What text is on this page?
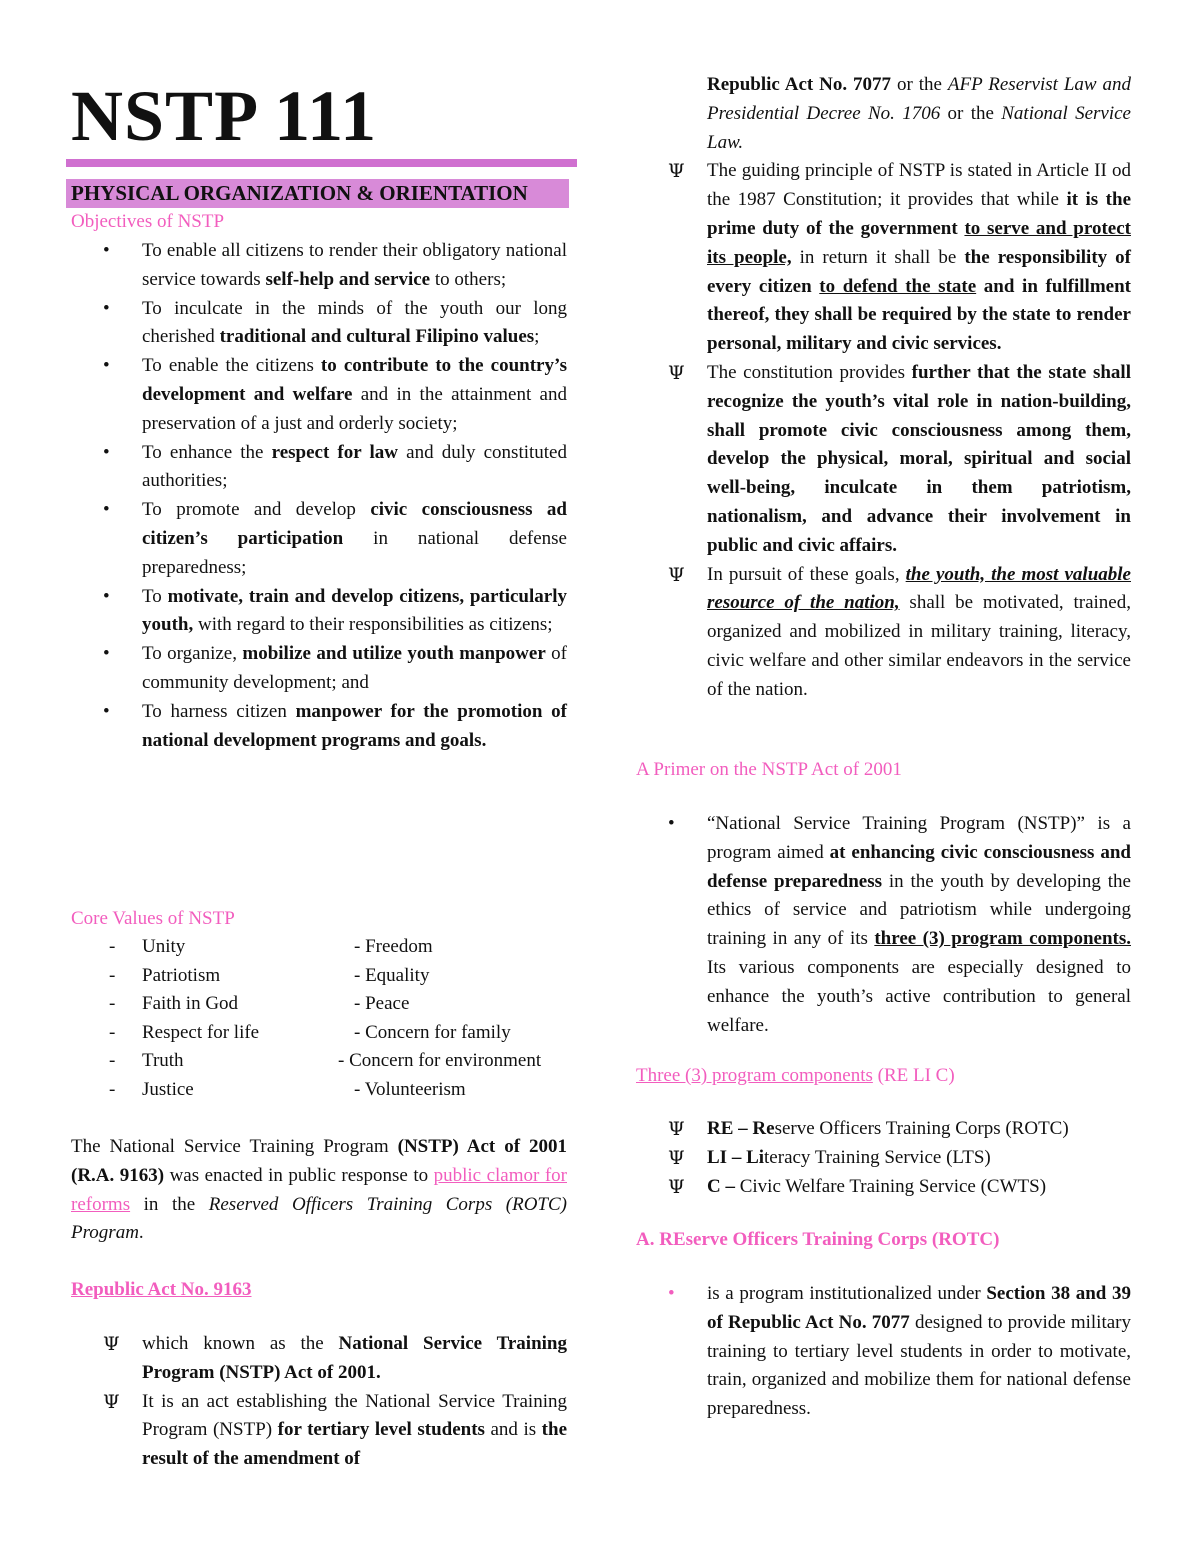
NSTP 111
PHYSICAL ORGANIZATION & ORIENTATION

Objectives of NSTP

• To enable all citizens to render their obligatory national service towards self-help and service to others;

• To inculcate in the minds of the youth our long cherished traditional and cultural Filipino values;

• To enable the citizens to contribute to the country’s development and welfare and in the attainment and preservation of a just and orderly society;

• To enhance the respect for law and duly constituted authorities;

• To promote and develop civic consciousness ad citizen’s participation in national defense preparedness;

• To motivate, train and develop citizens, particularly youth, with regard to their responsibilities as citizens;

• To organize, mobilize and utilize youth manpower of community development; and

• To harness citizen manpower for the promotion of national development programs and goals.

Core Values of NSTP

- Unity	- Freedom
- Patriotism	- Equality
- Faith in God	- Peace
- Respect for life	- Concern for family
- Truth	- Concern for environment
- Justice	- Volunteerism

The National Service Training Program (NSTP) Act of 2001 (R.A. 9163) was enacted in public response to public clamor for reforms in the Reserved Officers Training Corps (ROTC) Program.

Republic Act No. 9163

Ψ which known as the National Service Training Program (NSTP) Act of 2001.

Ψ It is an act establishing the National Service Training Program (NSTP) for tertiary level students and is the result of the amendment of

Republic Act No. 7077 or the AFP Reservist Law and Presidential Decree No. 1706 or the National Service Law.

Ψ The guiding principle of NSTP is stated in Article II od the 1987 Constitution; it provides that while it is the prime duty of the government to serve and protect its people, in return it shall be the responsibility of every citizen to defend the state and in fulfillment thereof, they shall be required by the state to render personal, military and civic services.

Ψ The constitution provides further that the state shall recognize the youth’s vital role in nation-building, shall promote civic consciousness among them, develop the physical, moral, spiritual and social well-being, inculcate in them patriotism, nationalism, and advance their involvement in public and civic affairs.

Ψ In pursuit of these goals, the youth, the most valuable resource of the nation, shall be motivated, trained, organized and mobilized in military training, literacy, civic welfare and other similar endeavors in the service of the nation.

A Primer on the NSTP Act of 2001

• “National Service Training Program (NSTP)” is a program aimed at enhancing civic consciousness and defense preparedness in the youth by developing the ethics of service and patriotism while undergoing training in any of its three (3) program components. Its various components are especially designed to enhance the youth’s active contribution to general welfare.

Three (3) program components (RE LI C)

Ψ RE – Reserve Officers Training Corps (ROTC)

Ψ LI – Literacy Training Service (LTS)

Ψ C – Civic Welfare Training Service (CWTS)

A. REserve Officers Training Corps (ROTC)

• is a program institutionalized under Section 38 and 39 of Republic Act No. 7077 designed to provide military training to tertiary level students in order to motivate, train, organized and mobilize them for national defense preparedness.
